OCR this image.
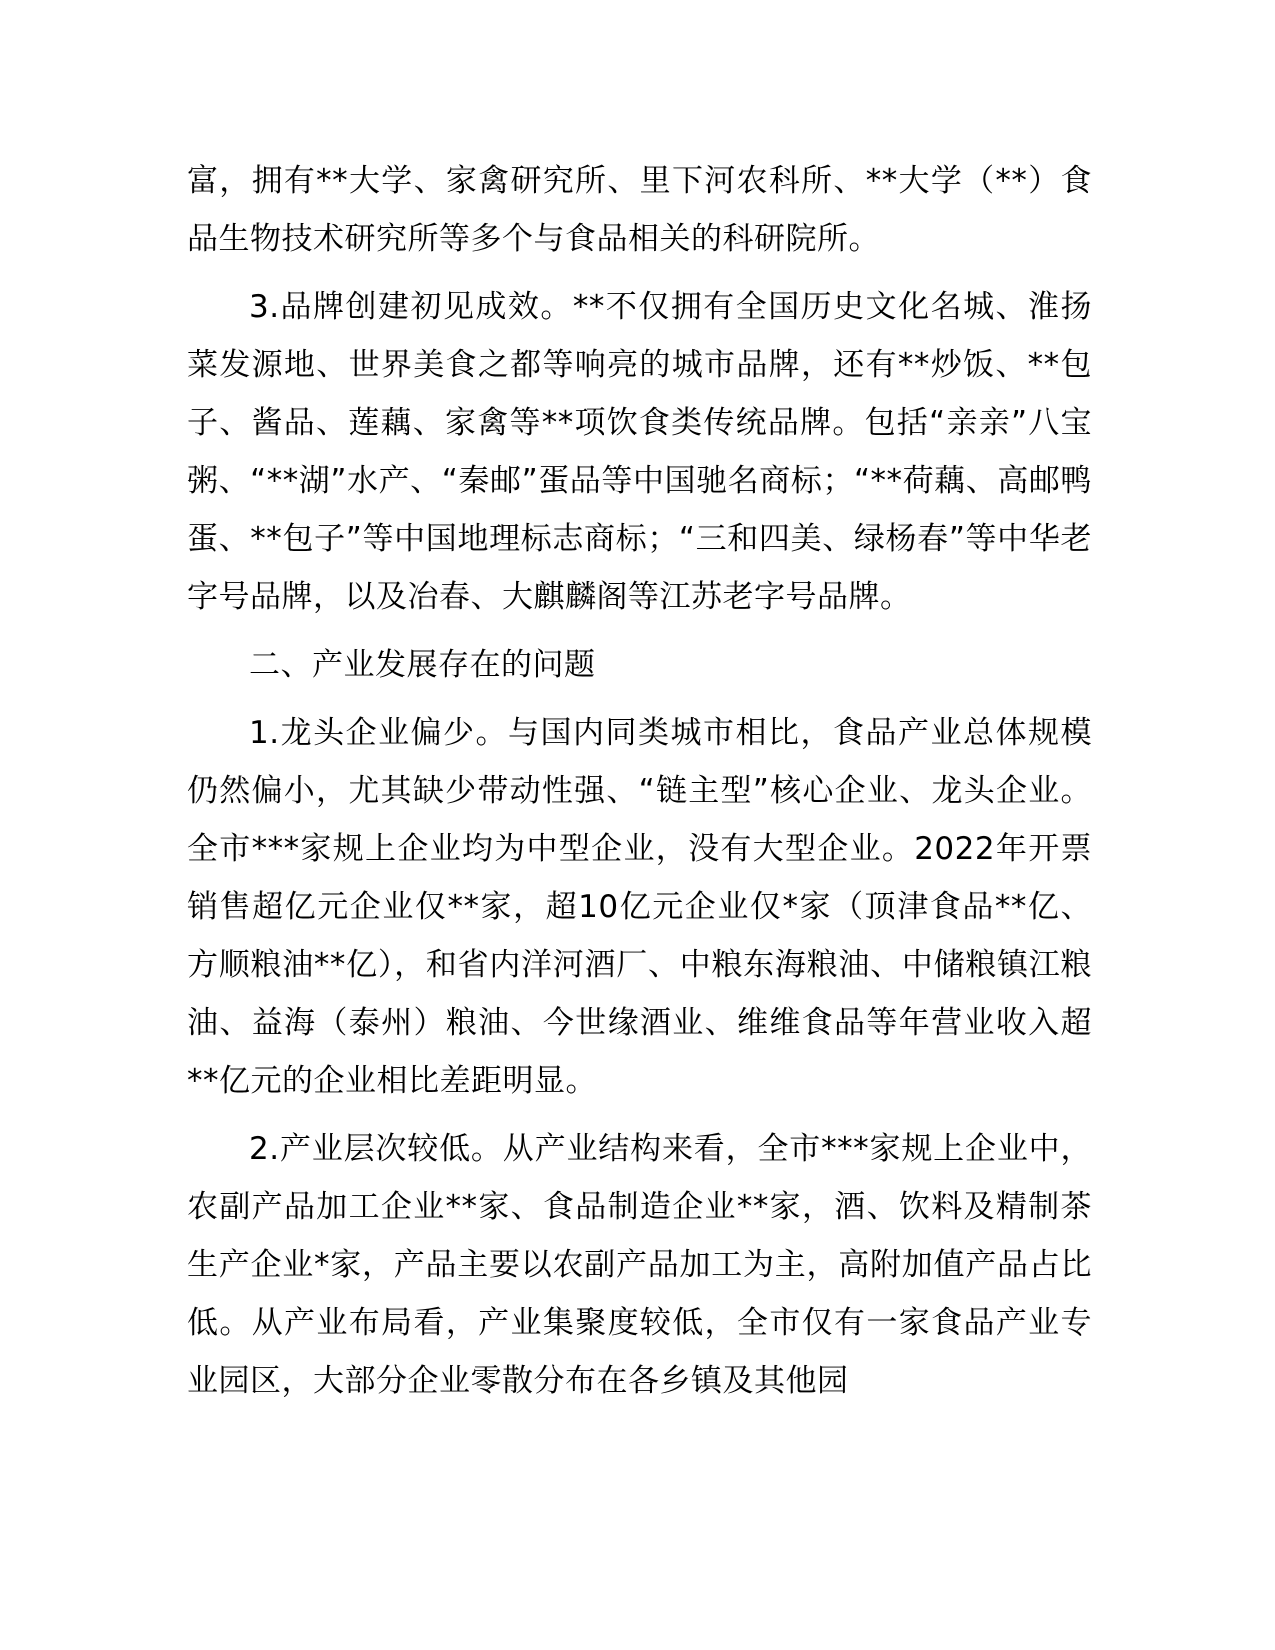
富，拥有**大学、家禽研究所、里下河农科所、**大学（**）食品生物技术研究所等多个与食品相关的科研院所。

3.品牌创建初见成效。**不仅拥有全国历史文化名城、淮扬菜发源地、世界美食之都等响亮的城市品牌，还有**炒饭、**包子、酱品、莲藕、家禽等**项饮食类传统品牌。包括“亲亲”八宝粥、“**湖”水产、“秦邮”蛋品等中国驰名商标；“**荷藕、高邮鸭蛋、**包子”等中国地理标志商标；“三和四美、绿杨春”等中华老字号品牌，以及冶春、大麒麟阁等江苏老字号品牌。

二、产业发展存在的问题

1.龙头企业偏少。与国内同类城市相比，食品产业总体规模仍然偏小，尤其缺少带动性强、“链主型”核心企业、龙头企业。全市***家规上企业均为中型企业，没有大型企业。2022年开票销售超亿元企业仅**家，超10亿元企业仅*家（顶津食品**亿、方顺粮油**亿），和省内洋河酒厂、中粮东海粮油、中储粮镇江粮油、益海（泰州）粮油、今世缘酒业、维维食品等年营业收入超**亿元的企业相比差距明显。

2.产业层次较低。从产业结构来看，全市***家规上企业中，农副产品加工企业**家、食品制造企业**家，酒、饮料及精制茶生产企业*家，产品主要以农副产品加工为主，高附加值产品占比低。从产业布局看，产业集聚度较低，全市仅有一家食品产业专业园区，大部分企业零散分布在各乡镇及其他园
